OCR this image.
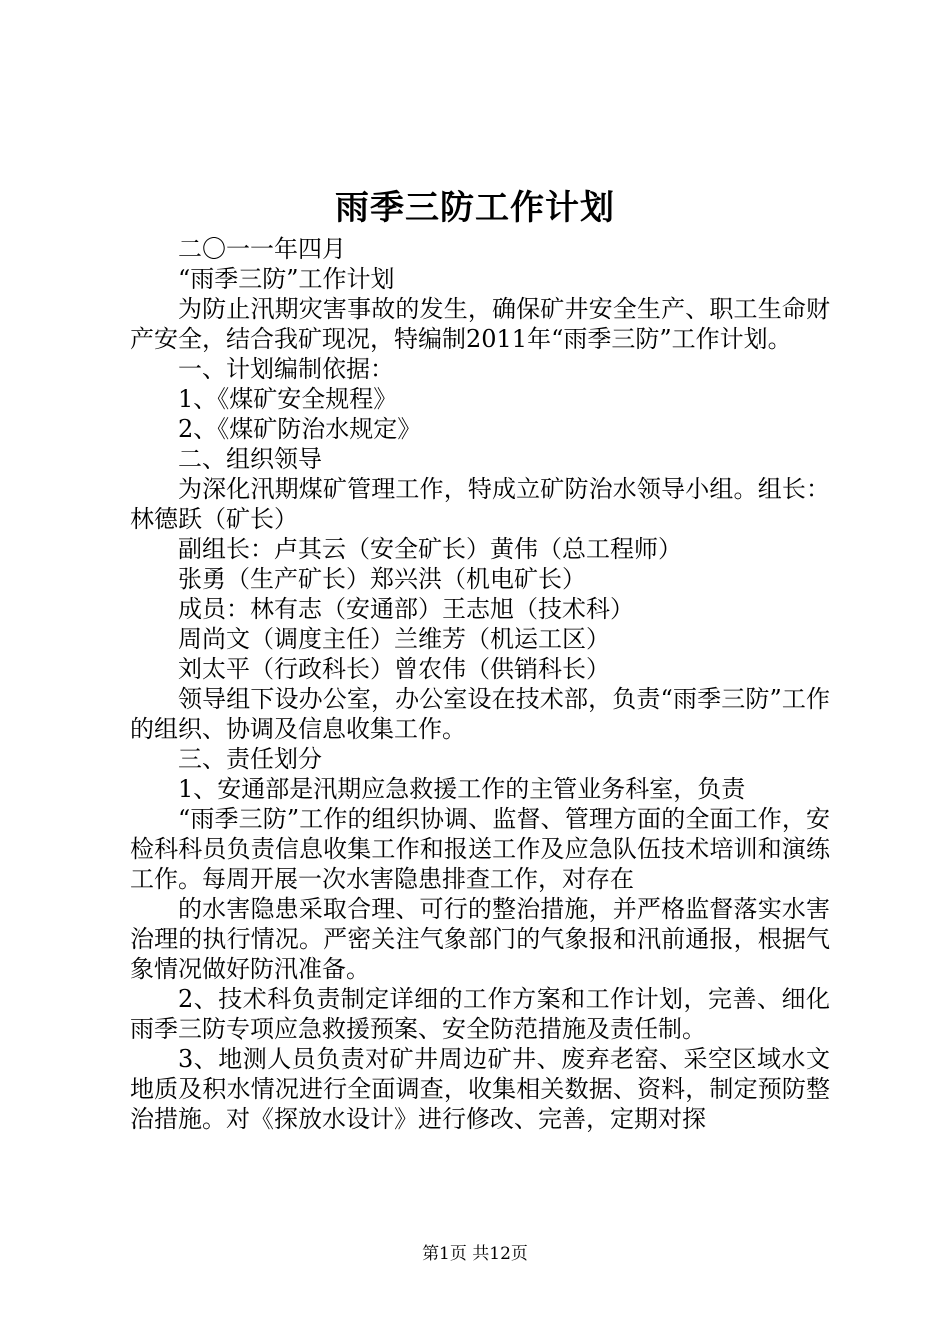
雨季三防工作计划

二〇一一年四月

“雨季三防”工作计划

为防止汛期灾害事故的发生，确保矿井安全生产、职工生命财产安全，结合我矿现况，特编制2011年“雨季三防”工作计划。

一、计划编制依据：

1、《煤矿安全规程》

2、《煤矿防治水规定》

二、组织领导

为深化汛期煤矿管理工作，特成立矿防治水领导小组。组长：林德跃（矿长）

副组长：卢其云（安全矿长）黄伟（总工程师）

张勇（生产矿长）郑兴洪（机电矿长）

成员：林有志（安通部）王志旭（技术科）

周尚文（调度主任）兰维芳（机运工区）

刘太平（行政科长）曾农伟（供销科长）

领导组下设办公室，办公室设在技术部，负责“雨季三防”工作的组织、协调及信息收集工作。

三、责任划分

1、安通部是汛期应急救援工作的主管业务科室，负责

“雨季三防”工作的组织协调、监督、管理方面的全面工作，安检科科员负责信息收集工作和报送工作及应急队伍技术培训和演练工作。每周开展一次水害隐患排查工作，对存在

的水害隐患采取合理、可行的整治措施，并严格监督落实水害治理的执行情况。严密关注气象部门的气象报和汛前通报，根据气象情况做好防汛准备。

2、技术科负责制定详细的工作方案和工作计划，完善、细化雨季三防专项应急救援预案、安全防范措施及责任制。

3、地测人员负责对矿井周边矿井、废弃老窑、采空区域水文地质及积水情况进行全面调查，收集相关数据、资料，制定预防整治措施。对《探放水设计》进行修改、完善，定期对探

第1页 共12页
